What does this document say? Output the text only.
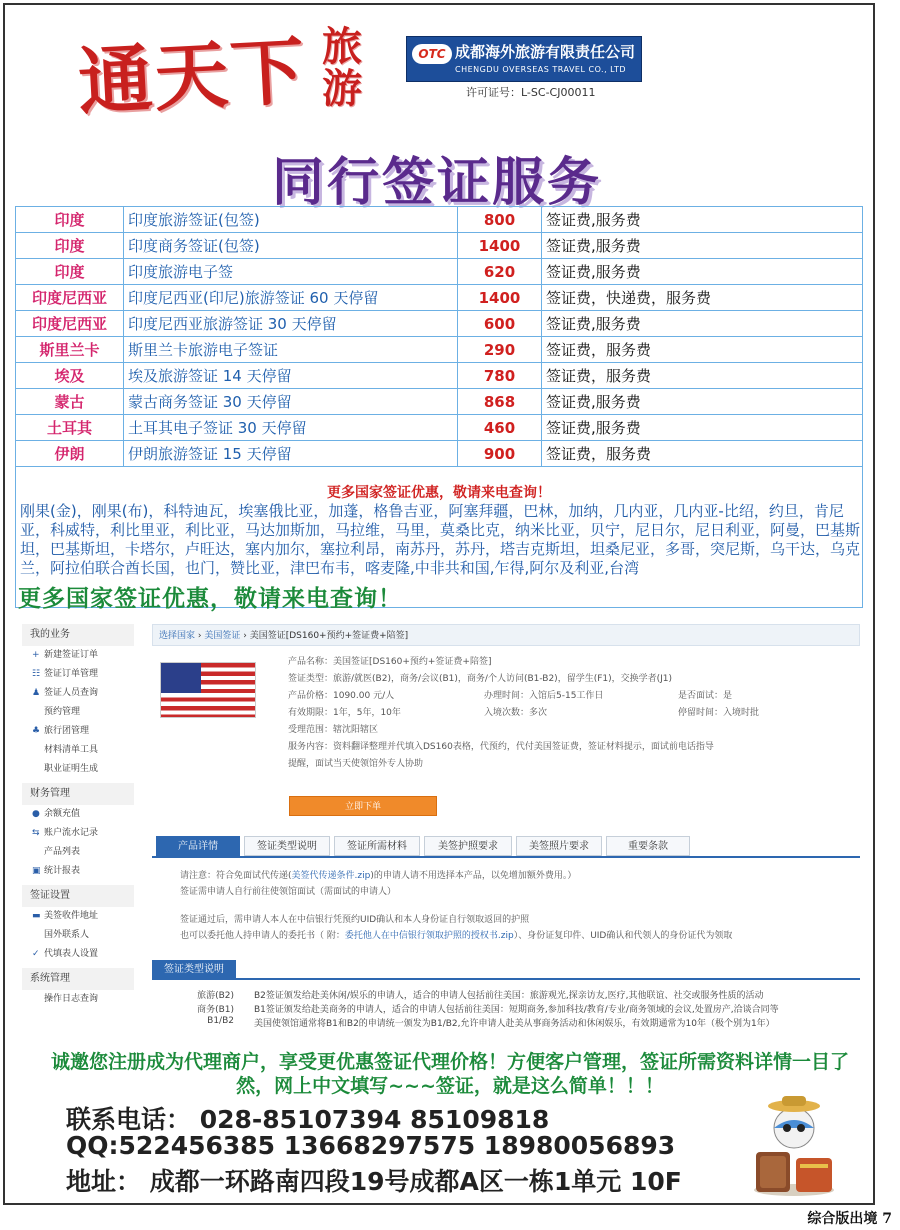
通天下 旅游
OTC 成都海外旅游有限责任公司
CHENGDU OVERSEAS TRAVEL CO., LTD
许可证号：L-SC-CJ00011
同行签证服务
印度	印度旅游签证(包签)	800	签证费,服务费
印度	印度商务签证(包签)	1400	签证费,服务费
印度	印度旅游电子签	620	签证费,服务费
印度尼西亚	印度尼西亚(印尼)旅游签证 60 天停留	1400	签证费，快递费，服务费
印度尼西亚	印度尼西亚旅游签证 30 天停留	600	签证费,服务费
斯里兰卡	斯里兰卡旅游电子签证	290	签证费，服务费
埃及	埃及旅游签证 14 天停留	780	签证费，服务费
蒙古	蒙古商务签证 30 天停留	868	签证费,服务费
土耳其	土耳其电子签证 30 天停留	460	签证费,服务费
伊朗	伊朗旅游签证 15 天停留	900	签证费，服务费
更多国家签证优惠，敬请来电查询！
刚果(金)，刚果(布)，科特迪瓦，埃塞俄比亚，加蓬，格鲁吉亚，阿塞拜疆，巴林，加纳，几内亚，几内亚-比绍，约旦，肯尼亚，科威特，利比里亚，利比亚，马达加斯加，马拉维，马里，莫桑比克，纳米比亚，贝宁，尼日尔，尼日利亚，阿曼，巴基斯坦，巴基斯坦，卡塔尔，卢旺达，塞内加尔，塞拉利昂，南苏丹，苏丹，塔吉克斯坦，坦桑尼亚，多哥，突尼斯，乌干达，乌克兰，阿拉伯联合酋长国，也门，赞比亚，津巴布韦，喀麦隆,中非共和国,乍得,阿尔及利亚,台湾
更多国家签证优惠，敬请来电查询！
我的业务
+ 新建签证订单
☷ 签证订单管理
♟ 签证人员查询
预约管理
♣ 旅行团管理
材料清单工具
职业证明生成
财务管理
● 余额充值
⇆ 账户流水记录
产品列表
▣ 统计报表
签证设置
▬ 美签收件地址
国外联系人
✓ 代填表人设置
系统管理
操作日志查询
选择国家 › 美国签证 › 美国签证[DS160+预约+签证费+陪签]
产品名称：美国签证[DS160+预约+签证费+陪签]
签证类型：旅游/就医(B2)，商务/会议(B1)，商务/个人访问(B1-B2)，留学生(F1)，交换学者(J1)
产品价格：1090.00 元/人	办理时间：入馆后5-15工作日	是否面试：是
有效期限：1年，5年，10年	入境次数：多次	停留时间：入境时批
受理范围：辖沈阳辖区
服务内容：资料翻译整理并代填入DS160表格，代预约，代付美国签证费，签证材料提示，面试前电话指导
提醒，面试当天使领馆外专人协助
立即下单
产品详情	签证类型说明	签证所需材料	美签护照要求	美签照片要求	重要条款
请注意：符合免面试代传递(美签代传递条件.zip)的申请人请不用选择本产品，以免增加额外费用。）
签证需申请人自行前往使领馆面试（需面试的申请人）
签证通过后，需申请人本人在中信银行凭预约UID确认和本人身份证自行领取返回的护照
也可以委托他人持申请人的委托书（ 附：委托他人在中信银行领取护照的授权书.zip）、身份证复印件、UID确认和代领人的身份证代为领取
签证类型说明
旅游(B2) B2签证颁发给赴美休闲/娱乐的申请人，适合的申请人包括前往美国：旅游观光,探亲访友,医疗,其他联谊、社交或服务性质的活动
商务(B1) B1签证颁发给赴美商务的申请人，适合的申请人包括前往美国：短期商务,参加科技/教育/专业/商务领域的会议,处置房产,洽谈合同等
B1/B2 美国使领馆通常将B1和B2的申请统一颁发为B1/B2,允许申请人赴美从事商务活动和休闲娱乐，有效期通常为10年（极个别为1年）
诚邀您注册成为代理商户，享受更优惠签证代理价格！方便客户管理，签证所需资料详情一目了
然，网上中文填写~~~签证，就是这么简单！！！
联系电话： 028-85107394 85109818
QQ:522456385 13668297575 18980056893
地址： 成都一环路南四段19号成都A区一栋1单元 10F
综合版出境 7
